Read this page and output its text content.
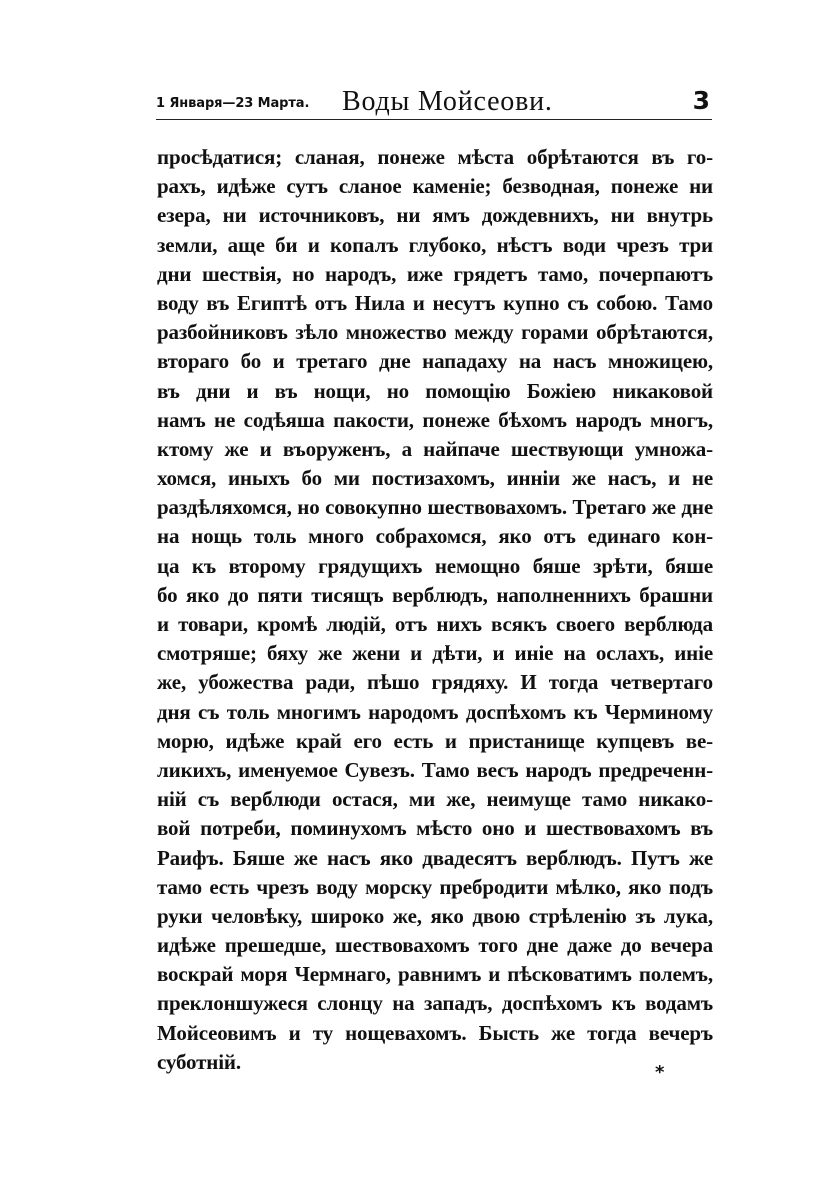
1 Января—23 Марта. Воды Мойсеови.	3
просѣдатися; сланая, понеже мѣста обрѣтаются въ го-
рахъ, идѣже сутъ сланое каменіе; безводная, понеже ни
езера, ни источниковъ, ни ямъ дождевнихъ, ни внутрь
земли, аще би и копалъ глубоко, нѣстъ води чрезъ три
дни шествія, но народъ, иже грядетъ тамо, почерпаютъ
воду въ Египтѣ отъ Нила и несутъ купно съ собою. Тамо
разбойниковъ зѣло множество между горами обрѣтаются,
втораго бо и третаго дне нападаху на насъ множицею,
въ дни и въ нощи, но помощію Божіею никаковой
намъ не содѣяша пакости, понеже бѣхомъ народъ многъ,
ктому же и въоруженъ, а найпаче шествующи умножа-
хомся, иныхъ бо ми постизахомъ, инніи же насъ, и не
раздѣляхомся, но совокупно шествовахомъ. Третаго же дне
на нощь толь много собрахомся, яко отъ единаго кон-
ца къ второму грядущихъ немощно бяше зрѣти, бяше
бо яко до пяти тисящъ верблюдъ, наполненнихъ брашни
и товари, кромѣ людій, отъ нихъ всякъ своего верблюда
смотряше; бяху же жени и дѣти, и иніе на ослахъ, иніе
же, убожества ради, пѣшо грядяху. И тогда четвертаго
дня съ толь многимъ народомъ доспѣхомъ къ Черминому
морю, идѣже край его есть и пристанище купцевъ ве-
ликихъ, именуемое Сувезъ. Тамо весъ народъ предреченн-
ній съ верблюди остася, ми же, неимуще тамо никако-
вой потреби, поминухомъ мѣсто оно и шествовахомъ въ
Раифъ. Бяше же насъ яко двадесятъ верблюдъ. Путъ же
тамо есть чрезъ воду морску пребродити мѣлко, яко подъ
руки человѣку, широко же, яко двою стрѣленію зъ лука,
идѣже прешедше, шествовахомъ того дне даже до вечера
воскрай моря Чермнаго, равнимъ и пѣсковатимъ полемъ,
преклоншужеся слонцу на западъ, доспѣхомъ къ водамъ
Мойсеовимъ и ту нощевахомъ. Бысть же тогда вечеръ
суботній.	*
